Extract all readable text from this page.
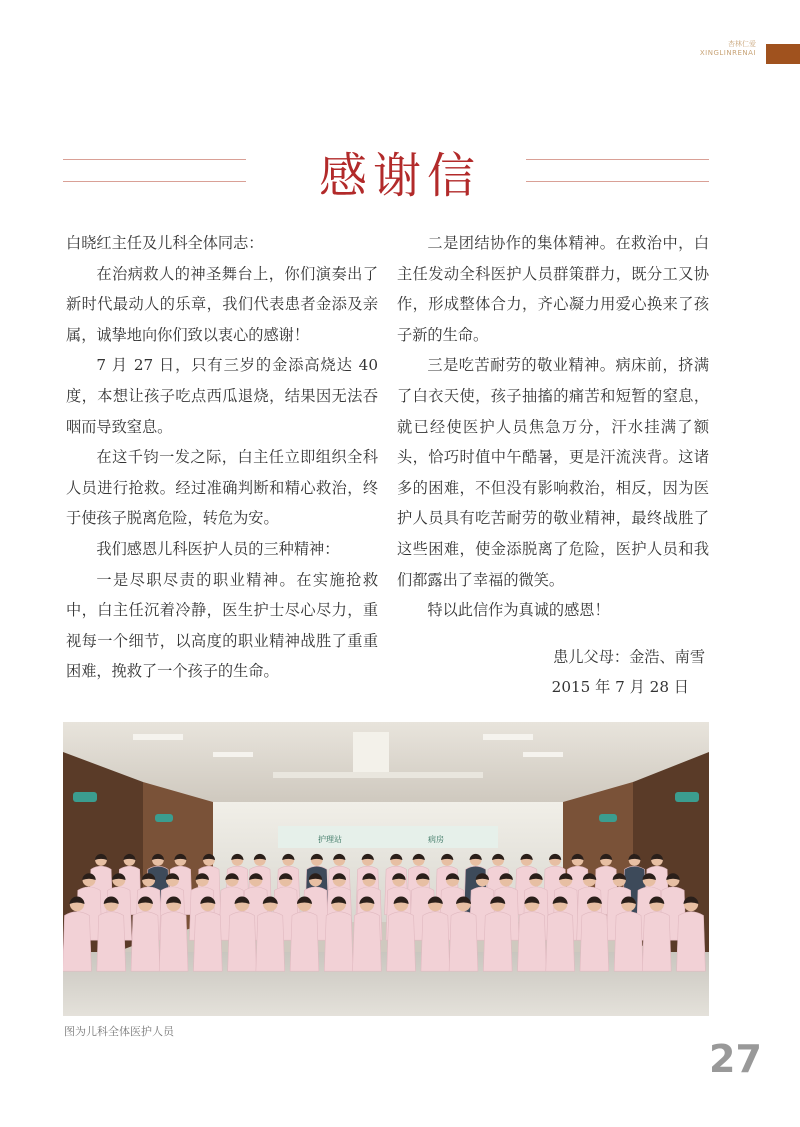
杏林仁爱
XINGLINRENAI
感谢信

白晓红主任及儿科全体同志：

在治病救人的神圣舞台上，你们演奏出了新时代最动人的乐章，我们代表患者金添及亲属，诚挚地向你们致以衷心的感谢！

7 月 27 日，只有三岁的金添高烧达 40 度，本想让孩子吃点西瓜退烧，结果因无法吞咽而导致窒息。

在这千钧一发之际，白主任立即组织全科人员进行抢救。经过准确判断和精心救治，终于使孩子脱离危险，转危为安。

我们感恩儿科医护人员的三种精神：

一是尽职尽责的职业精神。在实施抢救中，白主任沉着冷静，医生护士尽心尽力，重视每一个细节，以高度的职业精神战胜了重重困难，挽救了一个孩子的生命。

二是团结协作的集体精神。在救治中，白主任发动全科医护人员群策群力，既分工又协作，形成整体合力，齐心凝力用爱心换来了孩子新的生命。

三是吃苦耐劳的敬业精神。病床前，挤满了白衣天使，孩子抽搐的痛苦和短暂的窒息，就已经使医护人员焦急万分，汗水挂满了额头，恰巧时值中午酷暑，更是汗流浃背。这诸多的困难，不但没有影响救治，相反，因为医护人员具有吃苦耐劳的敬业精神，最终战胜了这些困难，使金添脱离了危险，医护人员和我们都露出了幸福的微笑。

特以此信作为真诚的感恩！

患儿父母：金浩、南雪

2015 年 7 月 28 日

护理站	病房
图为儿科全体医护人员
27
